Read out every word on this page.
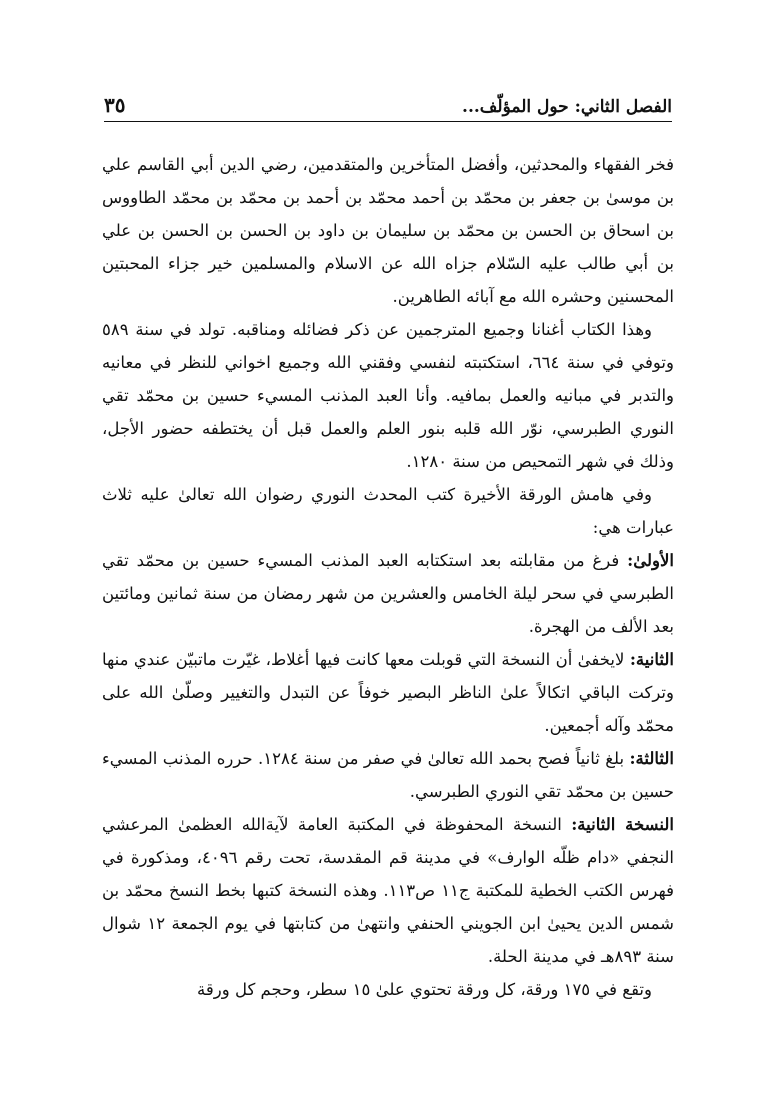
الفصل الثاني: حول المؤلّف...
٣٥

فخر الفقهاء والمحدثين، وأفضل المتأخرين والمتقدمين، رضي الدين أبي القاسم علي بن موسىٰ بن جعفر بن محمّد بن أحمد محمّد بن أحمد بن محمّد بن محمّد الطاووس بن اسحاق بن الحسن بن محمّد بن سليمان بن داود بن الحسن بن الحسن بن علي بن أبي طالب عليه السّلام جزاه الله عن الاسلام والمسلمين خير جزاء المحبتين المحسنين وحشره الله مع آبائه الطاهرين.

وهذا الكتاب أغنانا وجميع المترجمين عن ذكر فضائله ومناقبه. تولد في سنة ٥٨٩ وتوفي في سنة ٦٦٤، استكتبته لنفسي وفقني الله وجميع اخواني للنظر في معانيه والتدبر في مبانيه والعمل بمافيه. وأنا العبد المذنب المسيء حسين بن محمّد تقي النوري الطبرسي، نوّر الله قلبه بنور العلم والعمل قبل أن يختطفه حضور الأجل، وذلك في شهر التمحيص من سنة ١٢٨٠.

وفي هامش الورقة الأخيرة كتب المحدث النوري رضوان الله تعالىٰ عليه ثلاث عبارات هي:

الأولىٰ: فرغ من مقابلته بعد استكتابه العبد المذنب المسيء حسين بن محمّد تقي الطبرسي في سحر ليلة الخامس والعشرين من شهر رمضان من سنة ثمانين ومائتين بعد الألف من الهجرة.

الثانية: لايخفىٰ أن النسخة التي قوبلت معها كانت فيها أغلاط، غيّرت ماتبيّن عندي منها وتركت الباقي اتكالاً علىٰ الناظر البصير خوفاً عن التبدل والتغيير وصلّىٰ الله على محمّد وآله أجمعين.

الثالثة: بلغ ثانياً فصح بحمد الله تعالىٰ في صفر من سنة ١٢٨٤. حرره المذنب المسيء حسين بن محمّد تقي النوري الطبرسي.

النسخة الثانية: النسخة المحفوظة في المكتبة العامة لآية‌الله العظمىٰ المرعشي النجفي «دام ظلّه الوارف» في مدينة قم المقدسة، تحت رقم ٤٠٩٦، ومذكورة في فهرس الكتب الخطية للمكتبة ج١١ ص١١٣. وهذه النسخة كتبها بخط النسخ محمّد بن شمس الدين يحيىٰ ابن الجويني الحنفي وانتهىٰ من كتابتها في يوم الجمعة ١٢ شوال سنة ٨٩٣هـ في مدينة الحلة.

وتقع في ١٧٥ ورقة، كل ورقة تحتوي علىٰ ١٥ سطر، وحجم كل ورقة
